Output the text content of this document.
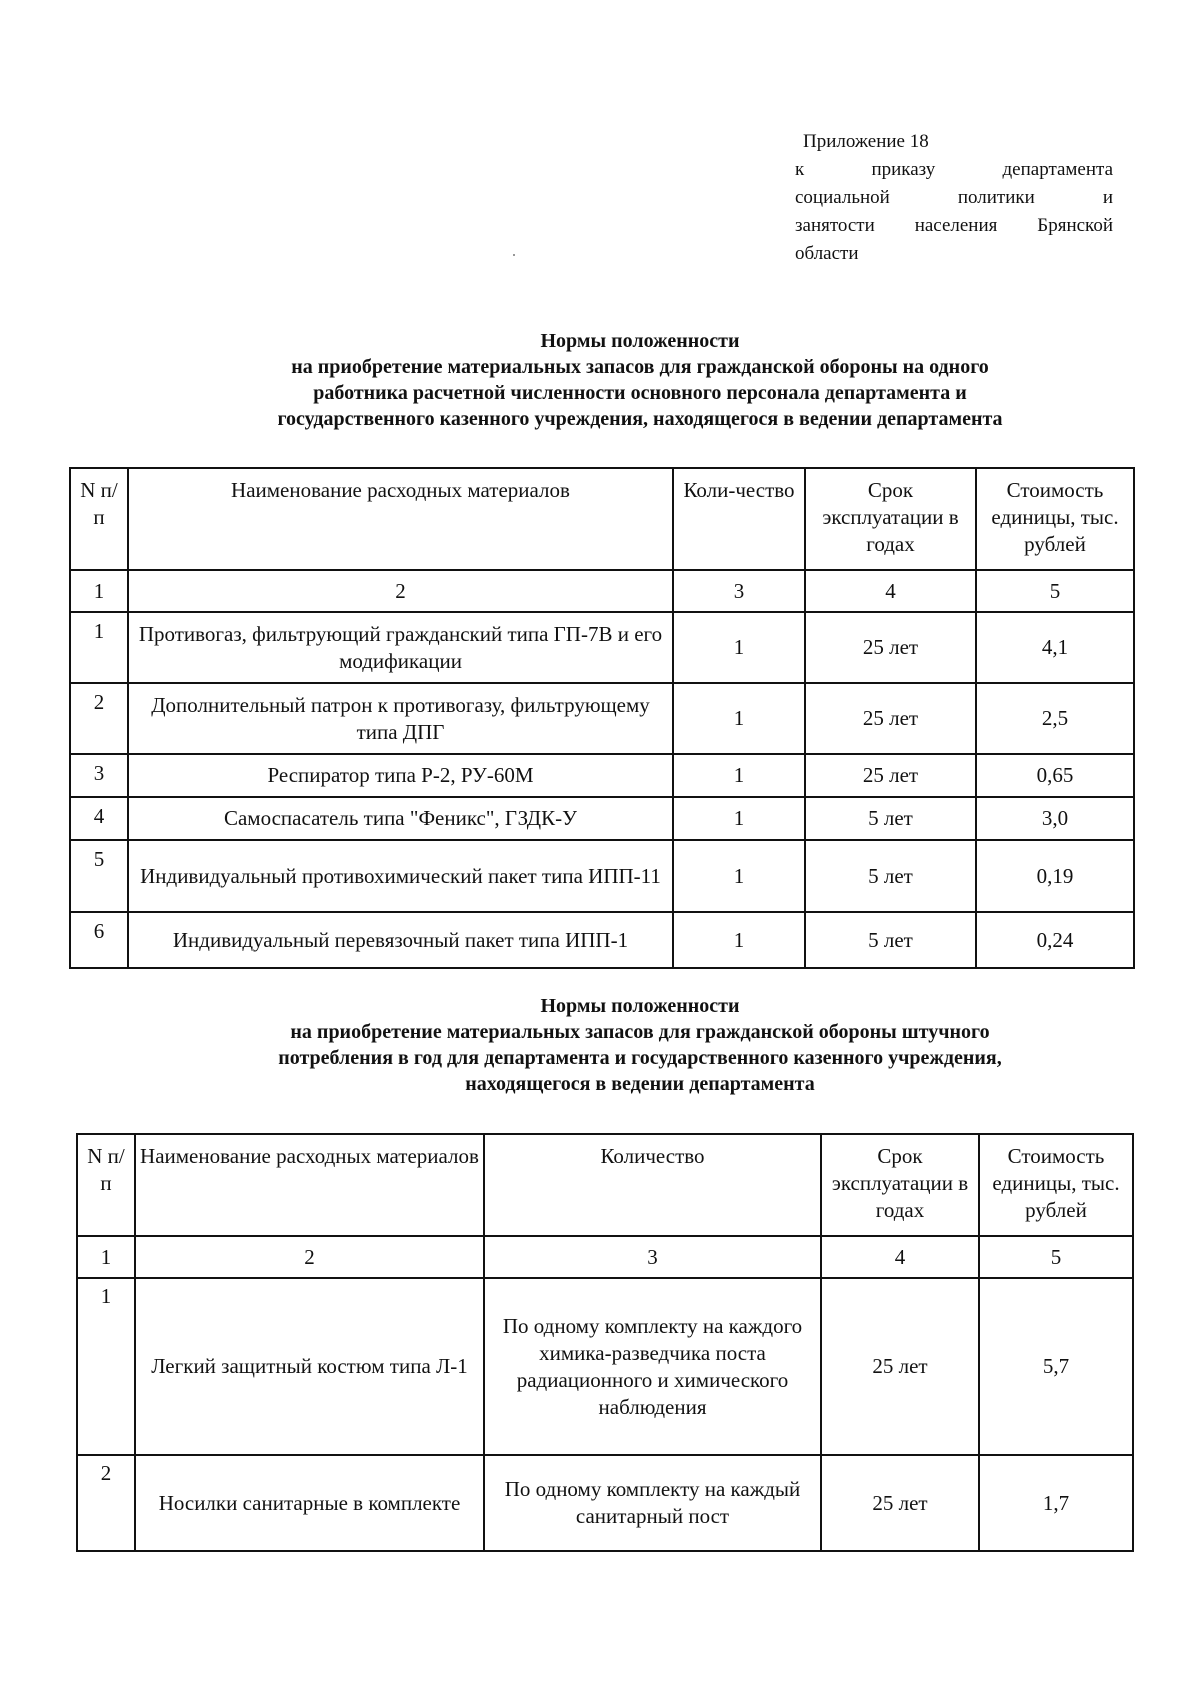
Приложение 18
к приказу департамента
социальной политики и
занятости населения Брянской
области
Нормы положенности
на приобретение материальных запасов для гражданской обороны на одного
работника расчетной численности основного персонала департамента и
государственного казенного учреждения, находящегося в ведении департамента
N п/п	Наименование расходных материалов	Коли-чество	Срок эксплуатации в годах	Стоимость единицы, тыс. рублей
1	2	3	4	5
1	Противогаз, фильтрующий гражданский типа ГП-7В и его модификации	1	25 лет	4,1
2	Дополнительный патрон к противогазу, фильтрующему типа ДПГ	1	25 лет	2,5
3	Респиратор типа Р-2, РУ-60М	1	25 лет	0,65
4	Самоспасатель типа "Феникс", ГЗДК-У	1	5 лет	3,0
5	Индивидуальный противохимический пакет типа ИПП-11	1	5 лет	0,19
6	Индивидуальный перевязочный пакет типа ИПП-1	1	5 лет	0,24
Нормы положенности
на приобретение материальных запасов для гражданской обороны штучного
потребления в год для департамента и государственного казенного учреждения,
находящегося в ведении департамента
N п/п	Наименование расходных материалов	Количество	Срок эксплуатации в годах	Стоимость единицы, тыс. рублей
1	2	3	4	5
1	Легкий защитный костюм типа Л-1	По одному комплекту на каждого химика-разведчика поста радиационного и химического наблюдения	25 лет	5,7
2	Носилки санитарные в комплекте	По одному комплекту на каждый санитарный пост	25 лет	1,7
